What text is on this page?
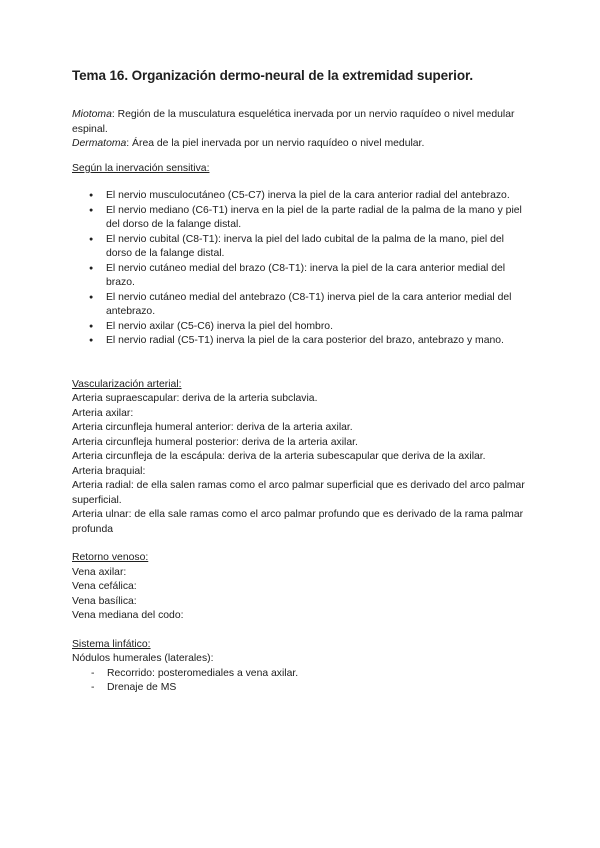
Tema 16. Organización dermo-neural de la extremidad superior.

Miotoma: Región de la musculatura esquelética inervada por un nervio raquídeo o nivel medular espinal.

Dermatoma: Área de la piel inervada por un nervio raquídeo o nivel medular.

Según la inervación sensitiva:

● El nervio musculocutáneo (C5-C7) inerva la piel de la cara anterior radial del antebrazo.
● El nervio mediano (C6-T1) inerva en la piel de la parte radial de la palma de la mano y piel del dorso de la falange distal.
● El nervio cubital (C8-T1): inerva la piel del lado cubital de la palma de la mano, piel del dorso de la falange distal.
● El nervio cutáneo medial del brazo (C8-T1): inerva la piel de la cara anterior medial del brazo.
● El nervio cutáneo medial del antebrazo (C8-T1) inerva piel de la cara anterior medial del antebrazo.
● El nervio axilar (C5-C6) inerva la piel del hombro.
● El nervio radial (C5-T1) inerva la piel de la cara posterior del brazo, antebrazo y mano.

Vascularización arterial:

Arteria supraescapular: deriva de la arteria subclavia.

Arteria axilar:

Arteria circunfleja humeral anterior: deriva de la arteria axilar.

Arteria circunfleja humeral posterior: deriva de la arteria axilar.

Arteria circunfleja de la escápula: deriva de la arteria subescapular que deriva de la axilar.

Arteria braquial:

Arteria radial: de ella salen ramas como el arco palmar superficial que es derivado del arco palmar superficial.

Arteria ulnar: de ella sale ramas como el arco palmar profundo que es derivado de la rama palmar profunda

Retorno venoso:

Vena axilar:

Vena cefálica:

Vena basílica:

Vena mediana del codo:

Sistema linfático:

Nódulos humerales (laterales):

- Recorrido: posteromediales a vena axilar.
- Drenaje de MS
